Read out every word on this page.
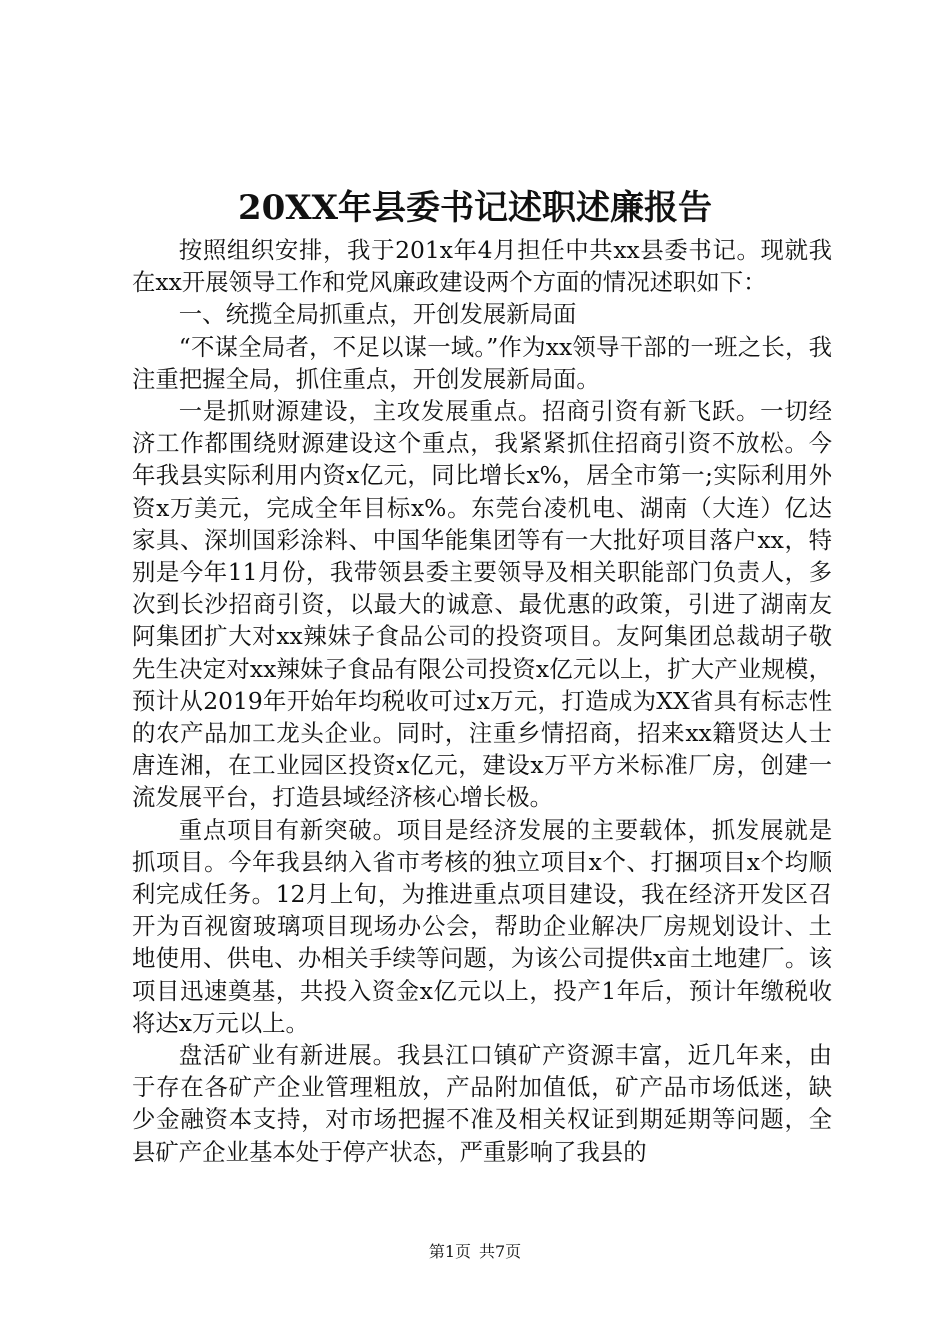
20XX年县委书记述职述廉报告

按照组织安排，我于201x年4月担任中共xx县委书记。现就我在xx开展领导工作和党风廉政建设两个方面的情况述职如下：

一、统揽全局抓重点，开创发展新局面

“不谋全局者，不足以谋一域。”作为xx领导干部的一班之长，我注重把握全局，抓住重点，开创发展新局面。

一是抓财源建设，主攻发展重点。招商引资有新飞跃。一切经济工作都围绕财源建设这个重点，我紧紧抓住招商引资不放松。今年我县实际利用内资x亿元，同比增长x%，居全市第一;实际利用外资x万美元，完成全年目标x%。东莞台凌机电、湖南（大连）亿达家具、深圳国彩涂料、中国华能集团等有一大批好项目落户xx，特别是今年11月份，我带领县委主要领导及相关职能部门负责人，多次到长沙招商引资，以最大的诚意、最优惠的政策，引进了湖南友阿集团扩大对xx辣妹子食品公司的投资项目。友阿集团总裁胡子敬先生决定对xx辣妹子食品有限公司投资x亿元以上，扩大产业规模，预计从2019年开始年均税收可过x万元，打造成为XX省具有标志性的农产品加工龙头企业。同时，注重乡情招商，招来xx籍贤达人士唐连湘，在工业园区投资x亿元，建设x万平方米标准厂房，创建一流发展平台，打造县域经济核心增长极。

重点项目有新突破。项目是经济发展的主要载体，抓发展就是抓项目。今年我县纳入省市考核的独立项目x个、打捆项目x个均顺利完成任务。12月上旬，为推进重点项目建设，我在经济开发区召开为百视窗玻璃项目现场办公会，帮助企业解决厂房规划设计、土地使用、供电、办相关手续等问题，为该公司提供x亩土地建厂。该项目迅速奠基，共投入资金x亿元以上，投产1年后，预计年缴税收将达x万元以上。

盘活矿业有新进展。我县江口镇矿产资源丰富，近几年来，由于存在各矿产企业管理粗放，产品附加值低，矿产品市场低迷，缺少金融资本支持，对市场把握不准及相关权证到期延期等问题，全县矿产企业基本处于停产状态，严重影响了我县的

第1页 共7页
